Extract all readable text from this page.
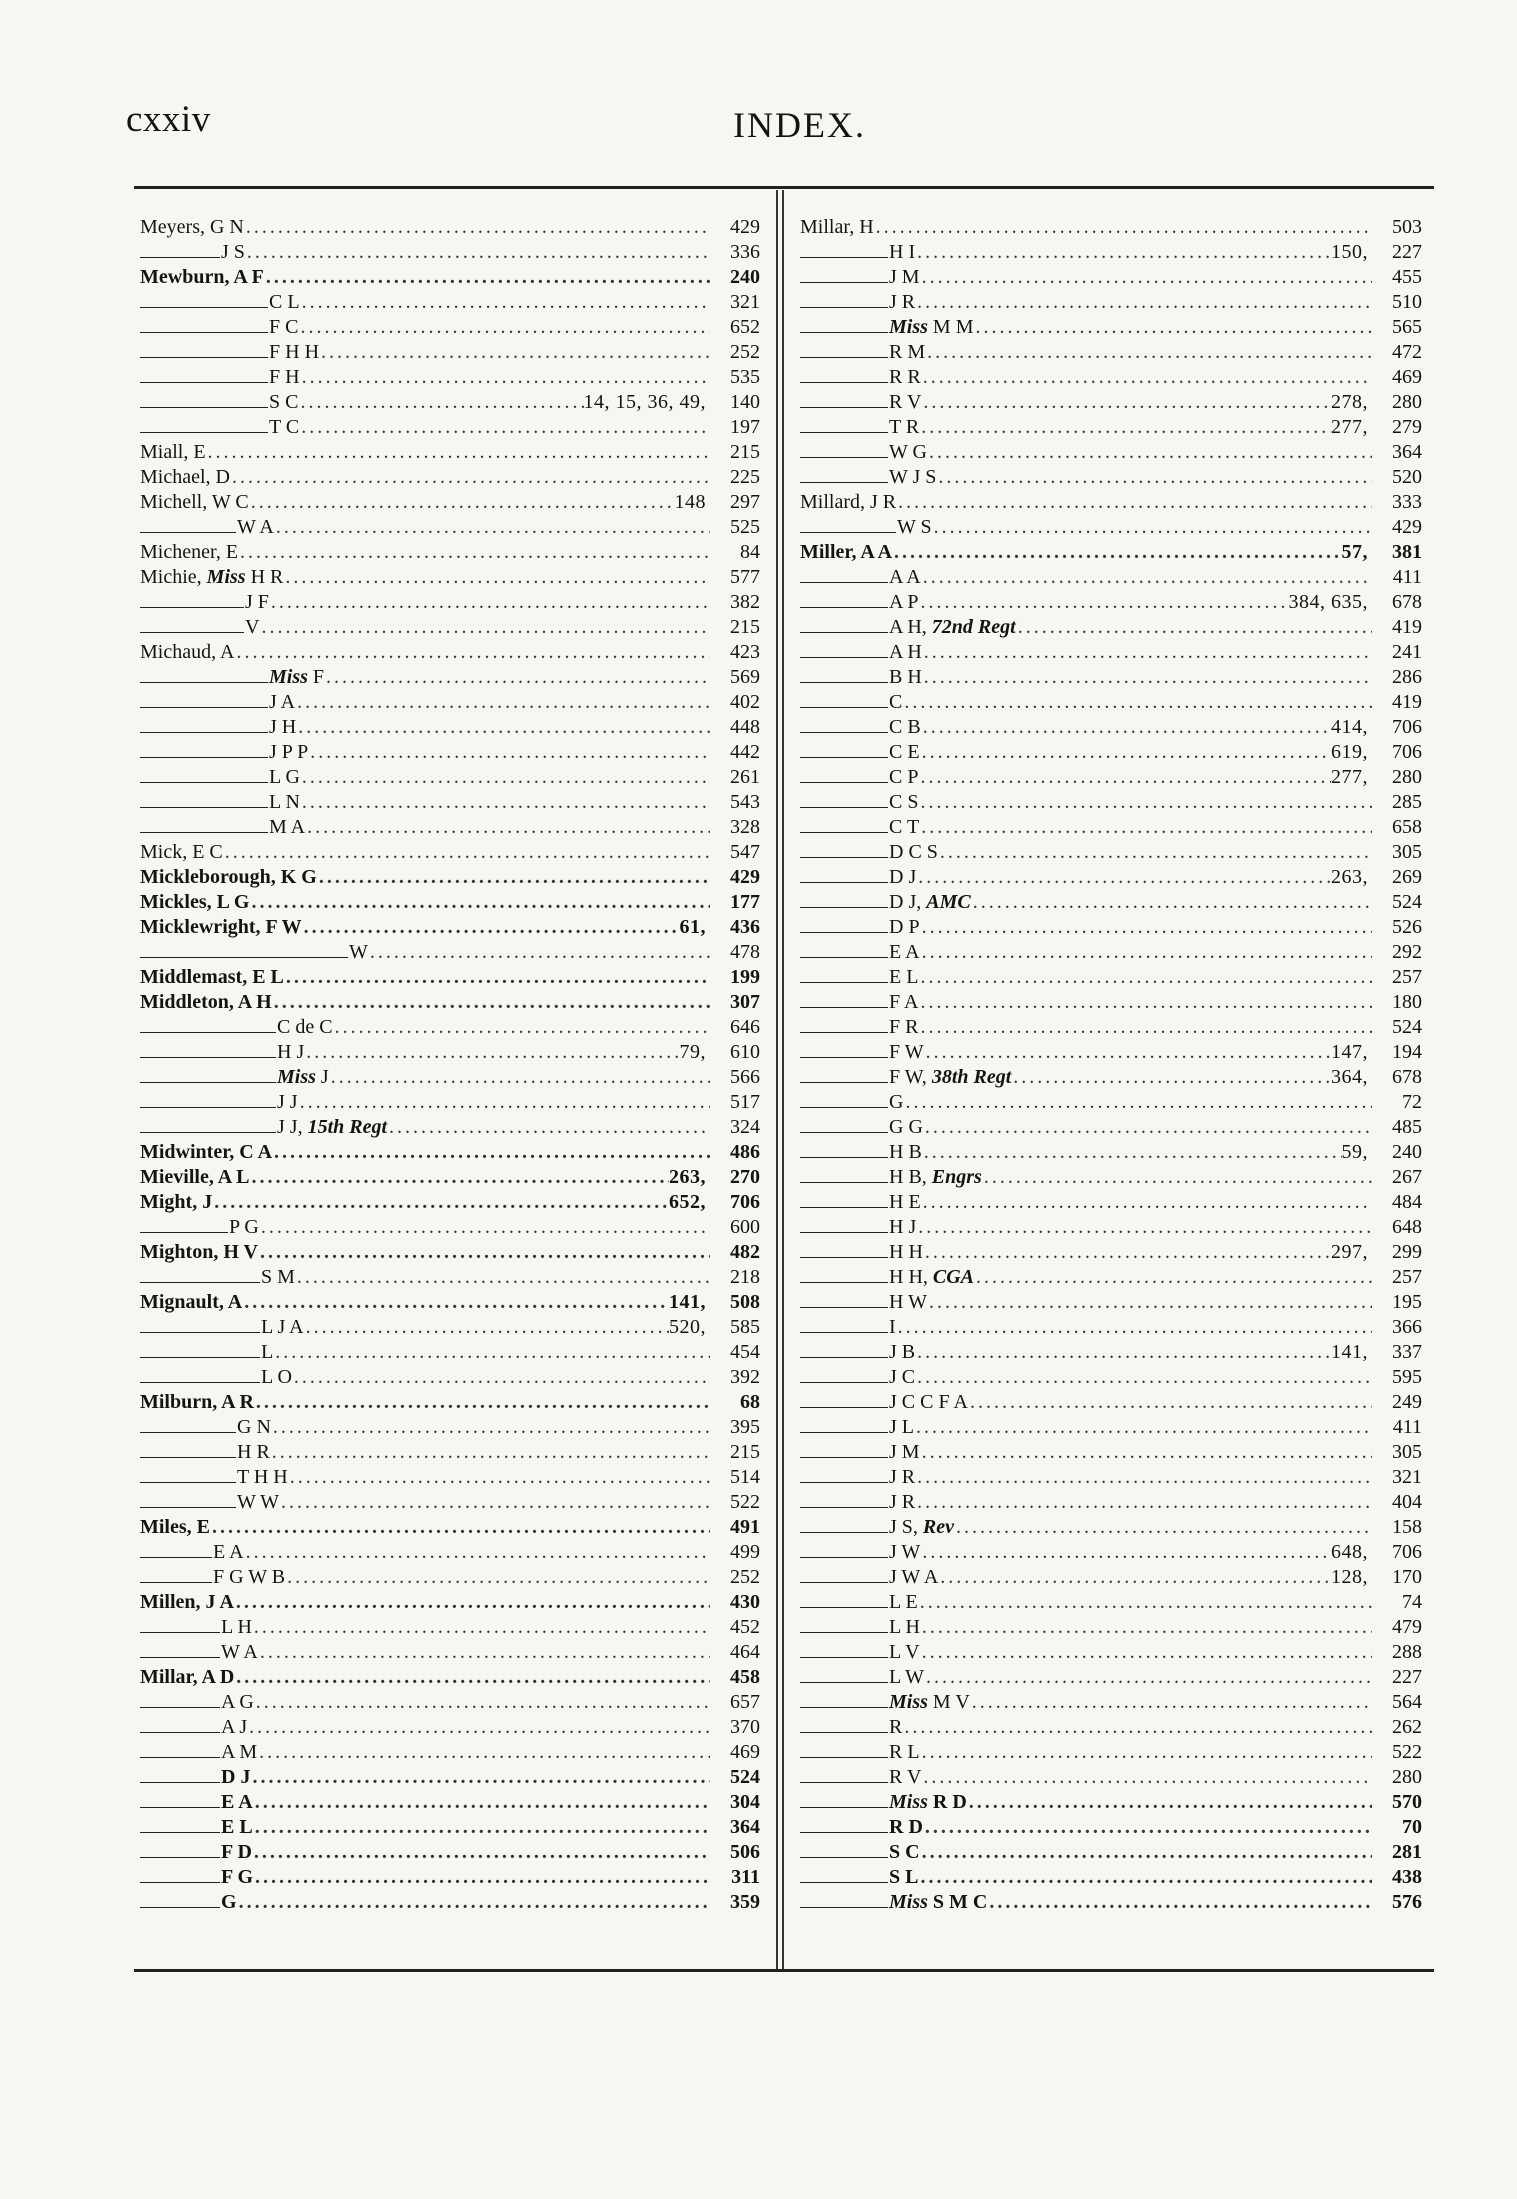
cxxiv	INDEX.
Meyers, G N .....	429
J S .....	336
Mewburn, A F .....	240
C L .....	321
F C .....	652
F H H .....	252
F H .....	535
S C .....	14, 15, 36, 49,	140
T C .....	197
Miall, E .....	215
Michael, D .....	225
Michell, W C .....	148	297
W A .....	525
Michener, E .....	84
Michie, Miss H R .....	577
J F .....	382
V .....	215
Michaud, A .....	423
Miss F .....	569
J A .....	402
J H .....	448
J P P .....	442
L G .....	261
L N .....	543
M A .....	328
Mick, E C .....	547
Mickleborough, K G .....	429
Mickles, L G .....	177
Micklewright, F W .....	61,	436
W .....	478
Middlemast, E L .....	199
Middleton, A H .....	307
C de C .....	646
H J .....	79,	610
Miss J .....	566
J J .....	517
J J, 15th Regt .....	324
Midwinter, C A .....	486
Mieville, A L .....	263,	270
Might, J .....	652,	706
P G .....	600
Mighton, H V .....	482
S M .....	218
Mignault, A .....	141,	508
L J A .....	520,	585
L .....	454
L O .....	392
Milburn, A R .....	68
G N .....	395
H R .....	215
T H H .....	514
W W .....	522
Miles, E .....	491
E A .....	499
F G W B .....	252
Millen, J A .....	430
L H .....	452
W A .....	464
Millar, A D .....	458
A G .....	657
A J .....	370
A M .....	469
D J .....	524
E A .....	304
E L .....	364
F D .....	506
F G .....	311
G .....	359
Millar, H .....	503
H I .....	150,	227
J M .....	455
J R .....	510
Miss M M .....	565
R M .....	472
R R .....	469
R V .....	278,	280
T R .....	277,	279
W G .....	364
W J S .....	520
Millard, J R .....	333
W S .....	429
Miller, A A .....	57,	381
A A .....	411
A P .....	384, 635,	678
A H, 72nd Regt .....	419
A H .....	241
B H .....	286
C .....	419
C B .....	414,	706
C E .....	619,	706
C P .....	277,	280
C S .....	285
C T .....	658
D C S .....	305
D J .....	263,	269
D J, AMC .....	524
D P .....	526
E A .....	292
E L .....	257
F A .....	180
F R .....	524
F W .....	147,	194
F W, 38th Regt .....	364,	678
G .....	72
G G .....	485
H B .....	59,	240
H B, Engrs .....	267
H E .....	484
H J .....	648
H H .....	297,	299
H H, CGA .....	257
H W .....	195
I .....	366
J B .....	141,	337
J C .....	595
J C C F A .....	249
J L .....	411
J M .....	305
J R .....	321
J R .....	404
J S, Rev .....	158
J W .....	648,	706
J W A .....	128,	170
L E .....	74
L H .....	479
L V .....	288
L W .....	227
Miss M V .....	564
R .....	262
R L .....	522
R V .....	280
Miss R D .....	570
R D .....	70
S C .....	281
S L .....	438
Miss S M C .....	576
